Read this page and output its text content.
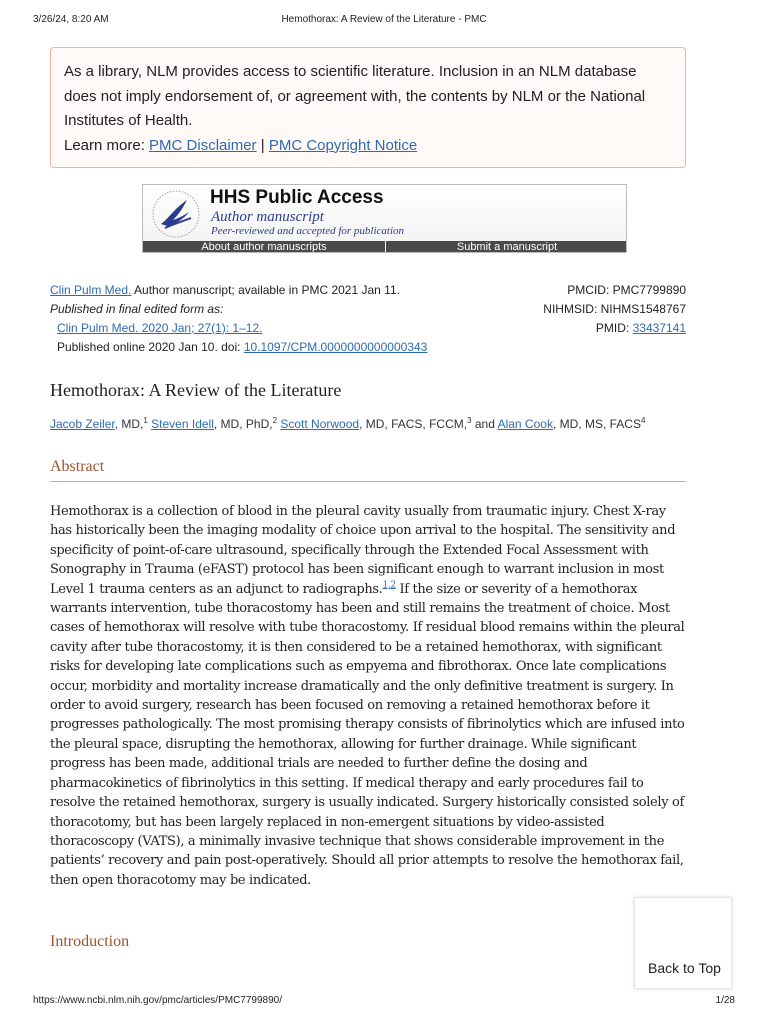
3/26/24, 8:20 AM	Hemothorax: A Review of the Literature - PMC
As a library, NLM provides access to scientific literature. Inclusion in an NLM database does not imply endorsement of, or agreement with, the contents by NLM or the National Institutes of Health.
Learn more: PMC Disclaimer | PMC Copyright Notice
HHS Public Access
Author manuscript
Peer-reviewed and accepted for publication
About author manuscripts	Submit a manuscript
Clin Pulm Med. Author manuscript; available in PMC 2021 Jan 11.
Published in final edited form as:
Clin Pulm Med. 2020 Jan; 27(1): 1–12.
Published online 2020 Jan 10. doi: 10.1097/CPM.0000000000000343
PMCID: PMC7799890
NIHMSID: NIHMS1548767
PMID: 33437141
Hemothorax: A Review of the Literature
Jacob Zeiler, MD,$^1$ Steven Idell, MD, PhD,$^2$ Scott Norwood, MD, FACS, FCCM,$^3$ and Alan Cook, MD, MS, FACS$^4$
Abstract
Hemothorax is a collection of blood in the pleural cavity usually from traumatic injury. Chest X-ray has historically been the imaging modality of choice upon arrival to the hospital. The sensitivity and specificity of point-of-care ultrasound, specifically through the Extended Focal Assessment with Sonography in Trauma (eFAST) protocol has been significant enough to warrant inclusion in most Level 1 trauma centers as an adjunct to radiographs.$^{1,2}$ If the size or severity of a hemothorax warrants intervention, tube thoracostomy has been and still remains the treatment of choice. Most cases of hemothorax will resolve with tube thoracostomy. If residual blood remains within the pleural cavity after tube thoracostomy, it is then considered to be a retained hemothorax, with significant risks for developing late complications such as empyema and fibrothorax. Once late complications occur, morbidity and mortality increase dramatically and the only definitive treatment is surgery. In order to avoid surgery, research has been focused on removing a retained hemothorax before it progresses pathologically. The most promising therapy consists of fibrinolytics which are infused into the pleural space, disrupting the hemothorax, allowing for further drainage. While significant progress has been made, additional trials are needed to further define the dosing and pharmacokinetics of fibrinolytics in this setting. If medical therapy and early procedures fail to resolve the retained hemothorax, surgery is usually indicated. Surgery historically consisted solely of thoracotomy, but has been largely replaced in non-emergent situations by video-assisted thoracoscopy (VATS), a minimally invasive technique that shows considerable improvement in the patients’ recovery and pain post-operatively. Should all prior attempts to resolve the hemothorax fail, then open thoracotomy may be indicated.
Introduction
Back to Top
https://www.ncbi.nlm.nih.gov/pmc/articles/PMC7799890/	1/28
